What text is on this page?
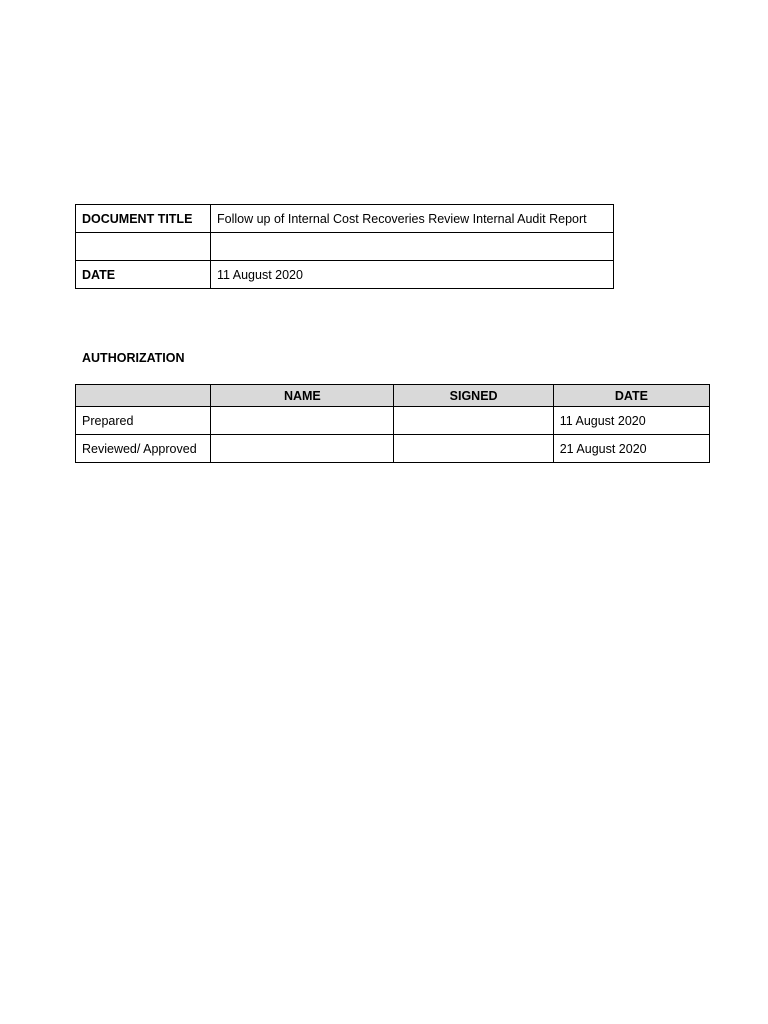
DOCUMENT TITLE	Follow up of Internal Cost Recoveries Review Internal Audit Report

DATE	11 August 2020
AUTHORIZATION
	NAME	SIGNED	DATE
Prepared			11 August 2020
Reviewed/ Approved			21 August 2020
